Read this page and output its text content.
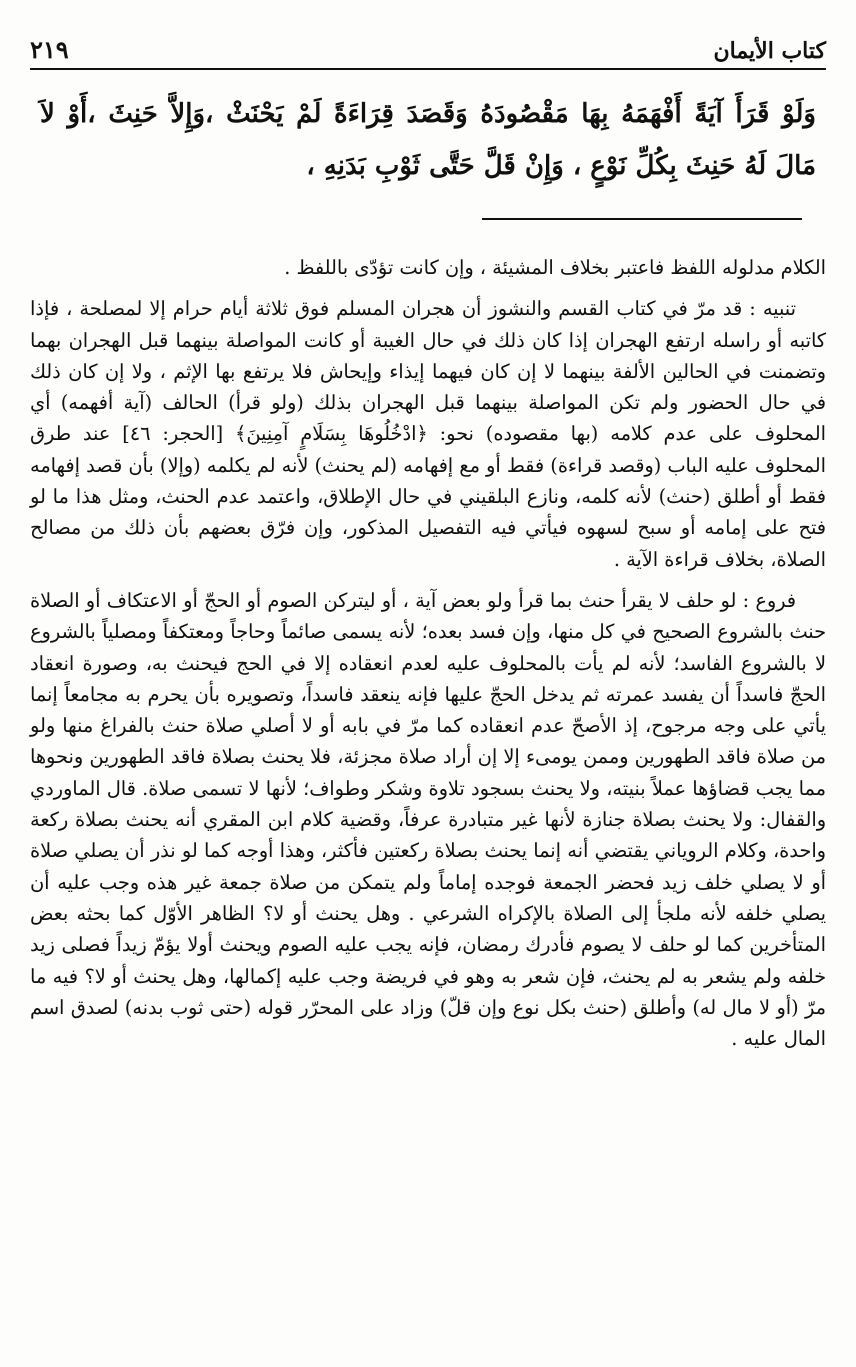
٢١٩	كتاب الأيمان
وَلَوْ قَرَأَ آيَةً أَفْهَمَهُ بِهَا مَقْصُودَهُ وَقَصَدَ قِرَاءَةً لَمْ يَحْنَثْ ،وَإِلاَّ حَنِثَ ،أَوْ لاَ مَالَ لَهُ حَنِثَ بِكُلِّ نَوْعٍ ، وَإِنْ قَلَّ حَتَّى ثَوْبِ بَدَنِهِ ،

الكلام مدلوله اللفظ فاعتبر بخلاف المشيئة ، وإن كانت تؤدّى باللفظ .

تنبيه : قد مرّ في كتاب القسم والنشوز أن هجران المسلم فوق ثلاثة أيام حرام إلا لمصلحة ، فإذا كاتبه أو راسله ارتفع الهجران إذا كان ذلك في حال الغيبة أو كانت المواصلة بينهما قبل الهجران بهما وتضمنت في الحالين الألفة بينهما لا إن كان فيهما إيذاء وإيحاش فلا يرتفع بها الإثم ، ولا إن كان ذلك في حال الحضور ولم تكن المواصلة بينهما قبل الهجران بذلك (ولو قرأ) الحالف (آية أفهمه) أي المحلوف على عدم كلامه (بها مقصوده) نحو: ﴿ادْخُلُوهَا بِسَلَامٍ آمِنِينَ﴾ [الحجر: ٤٦] عند طرق المحلوف عليه الباب (وقصد قراءة) فقط أو مع إفهامه (لم يحنث) لأنه لم يكلمه (وإلا) بأن قصد إفهامه فقط أو أطلق (حنث) لأنه كلمه، ونازع البلقيني في حال الإطلاق، واعتمد عدم الحنث، ومثل هذا ما لو فتح على إمامه أو سبح لسهوه فيأتي فيه التفصيل المذكور، وإن فرّق بعضهم بأن ذلك من مصالح الصلاة، بخلاف قراءة الآية .

فروع : لو حلف لا يقرأ حنث بما قرأ ولو بعض آية ، أو ليتركن الصوم أو الحجّ أو الاعتكاف أو الصلاة حنث بالشروع الصحيح في كل منها، وإن فسد بعده؛ لأنه يسمى صائماً وحاجاً ومعتكفاً ومصلياً بالشروع لا بالشروع الفاسد؛ لأنه لم يأت بالمحلوف عليه لعدم انعقاده إلا في الحج فيحنث به، وصورة انعقاد الحجّ فاسداً أن يفسد عمرته ثم يدخل الحجّ عليها فإنه ينعقد فاسداً، وتصويره بأن يحرم به مجامعاً إنما يأتي على وجه مرجوح، إذ الأصحّ عدم انعقاده كما مرّ في بابه أو لا أصلي صلاة حنث بالفراغ منها ولو من صلاة فاقد الطهورين وممن يومىء إلا إن أراد صلاة مجزئة، فلا يحنث بصلاة فاقد الطهورين ونحوها مما يجب قضاؤها عملاً بنيته، ولا يحنث بسجود تلاوة وشكر وطواف؛ لأنها لا تسمى صلاة. قال الماوردي والقفال: ولا يحنث بصلاة جنازة لأنها غير متبادرة عرفاً، وقضية كلام ابن المقري أنه يحنث بصلاة ركعة واحدة، وكلام الروياني يقتضي أنه إنما يحنث بصلاة ركعتين فأكثر، وهذا أوجه كما لو نذر أن يصلي صلاة أو لا يصلي خلف زيد فحضر الجمعة فوجده إماماً ولم يتمكن من صلاة جمعة غير هذه وجب عليه أن يصلي خلفه لأنه ملجأ إلى الصلاة بالإكراه الشرعي . وهل يحنث أو لا؟ الظاهر الأوّل كما بحثه بعض المتأخرين كما لو حلف لا يصوم فأدرك رمضان، فإنه يجب عليه الصوم ويحنث أولا يؤمّ زيداً فصلى زيد خلفه ولم يشعر به لم يحنث، فإن شعر به وهو في فريضة وجب عليه إكمالها، وهل يحنث أو لا؟ فيه ما مرّ (أو لا مال له) وأطلق (حنث بكل نوع وإن قلّ) وزاد على المحرّر قوله (حتى ثوب بدنه) لصدق اسم المال عليه .
